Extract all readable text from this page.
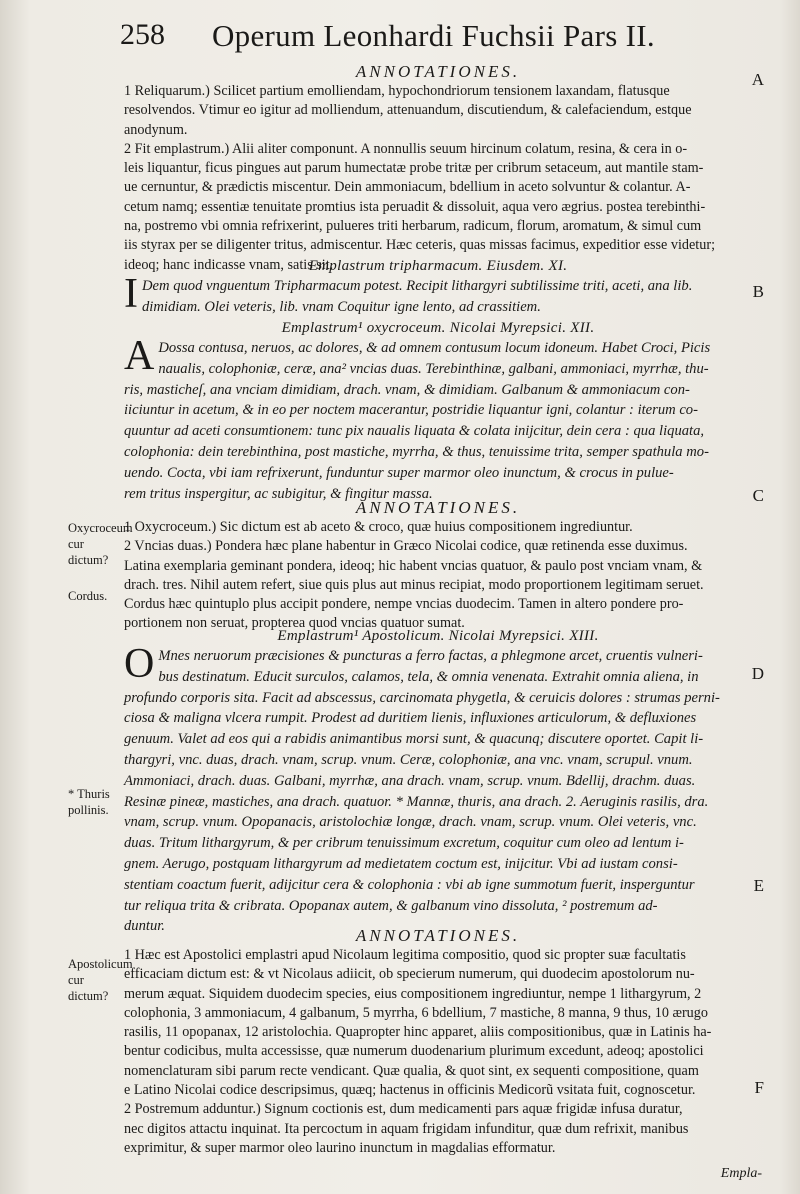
258 Operum Leonhardi Fuchsii Pars II.
A
B
C
D
E
F
Oxycroceum cur dictum?
Cordus.
* Thuris pollinis.
Apostolicum cur dictum?
ANNOTATIONES.

1 Reliquarum.) Scilicet partium emolliendam, hypochondriorum tensionem laxandam, flatusque

resolvendos. Vtimur eo igitur ad molliendum, attenuandum, discutiendum, & calefaciendum, estque

anodynum.

2 Fit emplastrum.) Alii aliter componunt. A nonnullis seuum hircinum colatum, resina, & cera in o-

leis liquantur, ficus pingues aut parum humectatæ probe tritæ per cribrum setaceum, aut mantile stam-

ue cernuntur, & prædictis miscentur. Dein ammoniacum, bdellium in aceto solvuntur & colantur. A-

cetum namq; essentiæ tenuitate promtius ista peruadit & dissoluit, aqua vero ægrius. postea terebinthi-

na, postremo vbi omnia refrixerint, pulueres triti herbarum, radicum, florum, aromatum, & simul cum

iis styrax per se diligenter tritus, admiscentur. Hæc ceteris, quas missas facimus, expeditior esse videtur;

ideoq; hanc indicasse vnam, satis sit.

Emplastrum tripharmacum. Eiusdem. XI.
I Dem quod vnguentum Tripharmacum potest. Recipit lithargyri subtilissime triti, aceti, ana lib.

dimidiam. Olei veteris, lib. vnam Coquitur igne lento, ad crassitiem.

Emplastrum¹ oxycroceum. Nicolai Myrepsici. XII.
A Dossa contusa, neruos, ac dolores, & ad omnem contusum locum idoneum. Habet Croci, Picis

naualis, colophoniæ, ceræ, ana² vncias duas. Terebinthinæ, galbani, ammoniaci, myrrhæ, thu-

ris, masticheſ, ana vnciam dimidiam, drach. vnam, & dimidiam. Galbanum & ammoniacum con-

iiciuntur in acetum, & in eo per noctem macerantur, postridie liquantur igni, colantur : iterum co-

quuntur ad aceti consumtionem: tunc pix naualis liquata & colata inijcitur, dein cera : qua liquata,

colophonia: dein terebinthina, post mastiche, myrrha, & thus, tenuissime trita, semper spathula mo-

uendo. Cocta, vbi iam refrixerunt, funduntur super marmor oleo inunctum, & crocus in pulue-

rem tritus inspergitur, ac subigitur, & fingitur massa.

ANNOTATIONES.

1 Oxycroceum.) Sic dictum est ab aceto & croco, quæ huius compositionem ingrediuntur.

2 Vncias duas.) Pondera hæc plane habentur in Græco Nicolai codice, quæ retinenda esse duximus.

Latina exemplaria geminant pondera, ideoq; hic habent vncias quatuor, & paulo post vnciam vnam, &

drach. tres. Nihil autem refert, siue quis plus aut minus recipiat, modo proportionem legitimam seruet.

Cordus hæc quintuplo plus accipit pondere, nempe vncias duodecim. Tamen in altero pondere pro-

portionem non seruat, propterea quod vncias quatuor sumat.

Emplastrum¹ Apostolicum. Nicolai Myrepsici. XIII.
O Mnes neruorum præcisiones & puncturas a ferro factas, a phlegmone arcet, cruentis vulneri-

bus destinatum. Educit surculos, calamos, tela, & omnia venenata. Extrahit omnia aliena, in

profundo corporis sita. Facit ad abscessus, carcinomata phygetla, & ceruicis dolores : strumas perni-

ciosa & maligna vlcera rumpit. Prodest ad duritiem lienis, influxiones articulorum, & defluxiones

genuum. Valet ad eos qui a rabidis animantibus morsi sunt, & quacunq; discutere oportet. Capit li-

thargyri, vnc. duas, drach. vnam, scrup. vnum. Ceræ, colophoniæ, ana vnc. vnam, scrupul. vnum.

Ammoniaci, drach. duas. Galbani, myrrhæ, ana drach. vnam, scrup. vnum. Bdellij, drachm. duas.

Resinæ pineæ, mastiches, ana drach. quatuor. * Mannæ, thuris, ana drach. 2. Aeruginis rasilis, dra.

vnam, scrup. vnum. Opopanacis, aristolochiæ longæ, drach. vnam, scrup. vnum. Olei veteris, vnc.

duas. Tritum lithargyrum, & per cribrum tenuissimum excretum, coquitur cum oleo ad lentum i-

gnem. Aerugo, postquam lithargyrum ad medietatem coctum est, inijcitur. Vbi ad iustam consi-

stentiam coactum fuerit, adijcitur cera & colophonia : vbi ab igne summotum fuerit, insperguntur

tur reliqua trita & cribrata. Opopanax autem, & galbanum vino dissoluta, ² postremum ad-

duntur.	ANNOTATIONES.

1 Hæc est Apostolici emplastri apud Nicolaum legitima compositio, quod sic propter suæ facultatis

efficaciam dictum est: & vt Nicolaus adiicit, ob specierum numerum, qui duodecim apostolorum nu-

merum æquat. Siquidem duodecim species, eius compositionem ingrediuntur, nempe 1 lithargyrum, 2

colophonia, 3 ammoniacum, 4 galbanum, 5 myrrha, 6 bdellium, 7 mastiche, 8 manna, 9 thus, 10 ærugo

rasilis, 11 opopanax, 12 aristolochia. Quapropter hinc apparet, aliis compositionibus, quæ in Latinis ha-

bentur codicibus, multa accessisse, quæ numerum duodenarium plurimum excedunt, adeoq; apostolici

nomenclaturam sibi parum recte vendicant. Quæ qualia, & quot sint, ex sequenti compositione, quam

e Latino Nicolai codice descripsimus, quæq; hactenus in officinis Medicorũ vsitata fuit, cognoscetur.

2 Postremum adduntur.) Signum coctionis est, dum medicamenti pars aquæ frigidæ infusa duratur,

nec digitos attactu inquinat. Ita percoctum in aquam frigidam infunditur, quæ dum refrixit, manibus

exprimitur, & super marmor oleo laurino inunctum in magdalias efformatur.

Empla-
